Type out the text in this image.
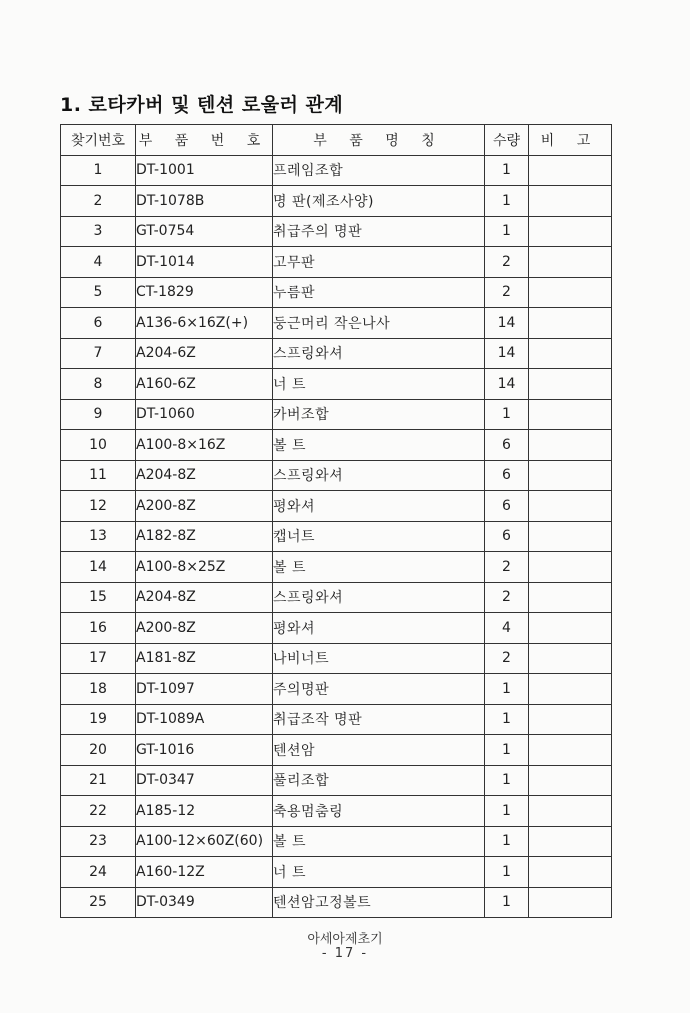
1. 로타카버 및 텐션 로울러 관계
찾기번호	부 품 번 호	부 품 명 칭	수량	비 고
1	DT-1001	프레임조합	1	
2	DT-1078B	명 판(제조사양)	1	
3	GT-0754	취급주의 명판	1	
4	DT-1014	고무판	2	
5	CT-1829	누름판	2	
6	A136-6×16Z(+)	둥근머리 작은나사	14	
7	A204-6Z	스프링와셔	14	
8	A160-6Z	너 트	14	
9	DT-1060	카버조합	1	
10	A100-8×16Z	볼 트	6	
11	A204-8Z	스프링와셔	6	
12	A200-8Z	평와셔	6	
13	A182-8Z	캡너트	6	
14	A100-8×25Z	볼 트	2	
15	A204-8Z	스프링와셔	2	
16	A200-8Z	평와셔	4	
17	A181-8Z	나비너트	2	
18	DT-1097	주의명판	1	
19	DT-1089A	취급조작 명판	1	
20	GT-1016	텐션암	1	
21	DT-0347	풀리조합	1	
22	A185-12	축용멈춤링	1	
23	A100-12×60Z(60)	볼 트	1	
24	A160-12Z	너 트	1	
25	DT-0349	텐션암고정볼트	1	
아세아제초기
- 17 -
